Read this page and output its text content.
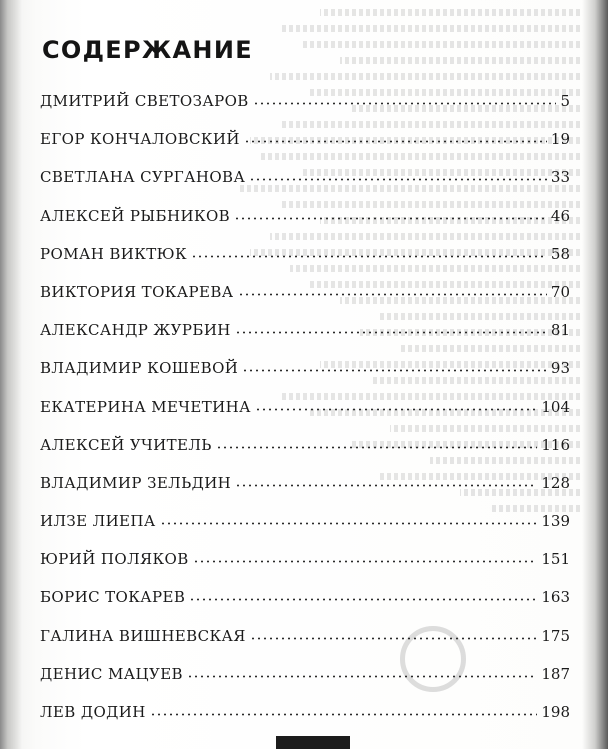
СОДЕРЖАНИЕ
ДМИТРИЙ СВЕТОЗАРОВ	5
ЕГОР КОНЧАЛОВСКИЙ	19
СВЕТЛАНА СУРГАНОВА	33
АЛЕКСЕЙ РЫБНИКОВ	46
РОМАН ВИКТЮК	58
ВИКТОРИЯ ТОКАРЕВА	70
АЛЕКСАНДР ЖУРБИН	81
ВЛАДИМИР КОШЕВОЙ	93
ЕКАТЕРИНА МЕЧЕТИНА	104
АЛЕКСЕЙ УЧИТЕЛЬ	116
ВЛАДИМИР ЗЕЛЬДИН	128
ИЛЗЕ ЛИЕПА	139
ЮРИЙ ПОЛЯКОВ	151
БОРИС ТОКАРЕВ	163
ГАЛИНА ВИШНЕВСКАЯ	175
ДЕНИС МАЦУЕВ	187
ЛЕВ ДОДИН	198
